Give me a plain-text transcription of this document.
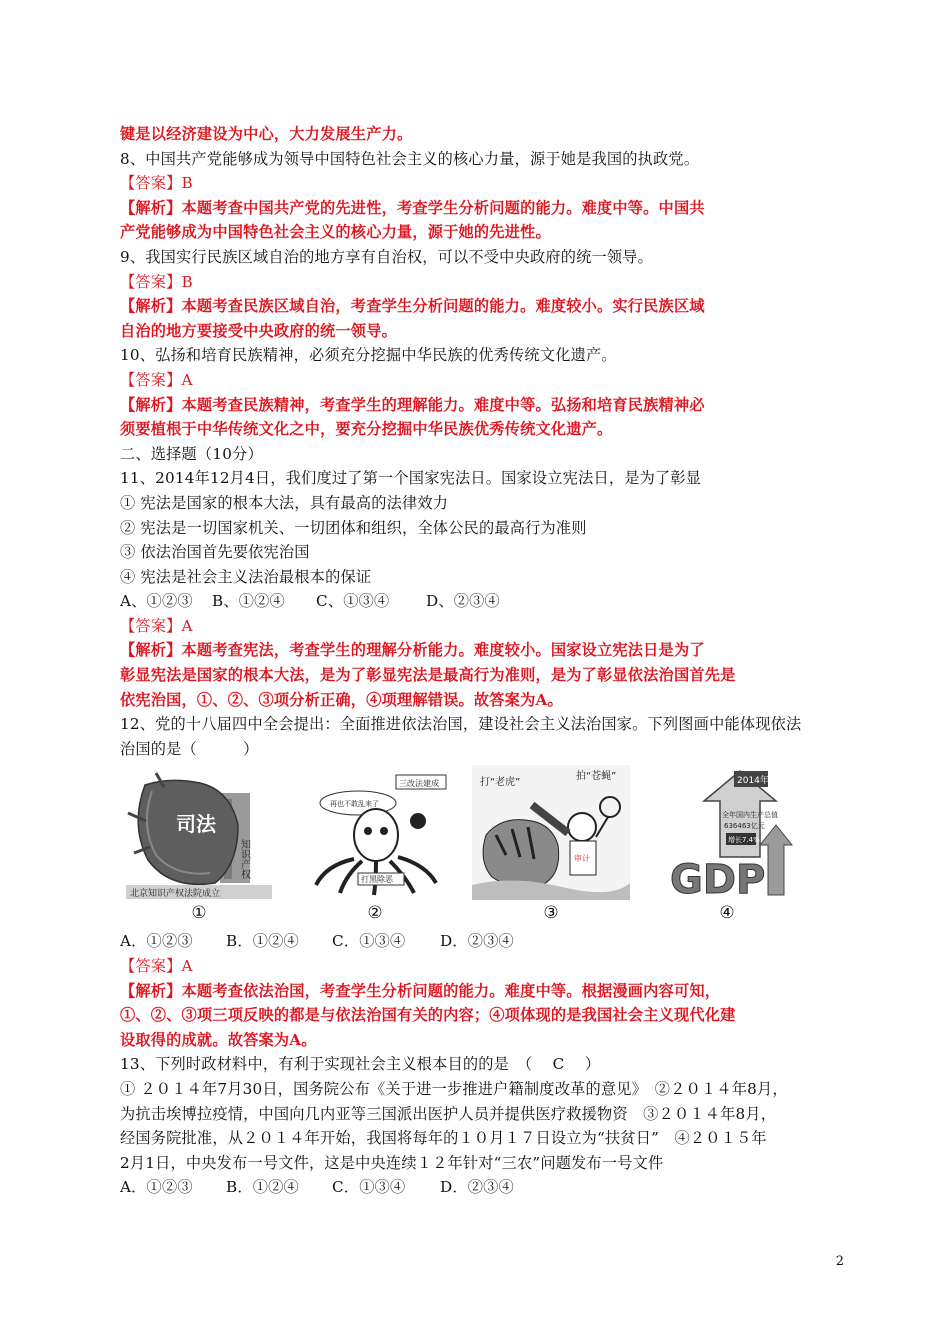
键是以经济建设为中心，大力发展生产力。
8、中国共产党能够成为领导中国特色社会主义的核心力量，源于她是我国的执政党。
【答案】B
【解析】本题考查中国共产党的先进性，考查学生分析问题的能力。难度中等。中国共
产党能够成为中国特色社会主义的核心力量，源于她的先进性。
9、我国实行民族区域自治的地方享有自治权，可以不受中央政府的统一领导。
【答案】B
【解析】本题考查民族区域自治，考查学生分析问题的能力。难度较小。实行民族区域
自治的地方要接受中央政府的统一领导。
10、弘扬和培育民族精神，必须充分挖掘中华民族的优秀传统文化遗产。
【答案】A
【解析】本题考查民族精神，考查学生的理解能力。难度中等。弘扬和培育民族精神必
须要植根于中华传统文化之中，要充分挖掘中华民族优秀传统文化遗产。
二、选择题（10分）
11、2014年12月4日，我们度过了第一个国家宪法日。国家设立宪法日，是为了彰显
① 宪法是国家的根本大法，具有最高的法律效力
② 宪法是一切国家机关、一切团体和组织，全体公民的最高行为准则
③ 依法治国首先要依宪治国
④ 宪法是社会主义法治最根本的保证
A、①②③ B、①②④ C、①③④ D、②③④
【答案】A
【解析】本题考查宪法，考查学生的理解分析能力。难度较小。国家设立宪法日是为了
彰显宪法是国家的根本大法，是为了彰显宪法是最高行为准则，是为了彰显依法治国首先是
依宪治国，①、②、③项分析正确，④项理解错误。故答案为A。
12、党的十八届四中全会提出：全面推进依法治国，建设社会主义法治国家。下列图画中能体现依法
治国的是（　　　）
司法
知识产权
北京知识产权法院成立
①
三改法建成
再也不敢乱来了
打黑除恶
②
打“老虎”
拍“苍蝇”
审计
③
2014年
全年国内生产总值
636463亿元
增长7.4%
GDP
④
A．①②③ B．①②④ C．①③④ D．②③④
【答案】A
【解析】本题考查依法治国，考查学生分析问题的能力。难度中等。根据漫画内容可知，
①、②、③项三项反映的都是与依法治国有关的内容；④项体现的是我国社会主义现代化建
设取得的成就。故答案为A。
13、下列时政材料中，有利于实现社会主义根本目的的是　（　 C　 ）
① ２０１４年7月30日，国务院公布《关于进一步推进户籍制度改革的意见》　②２０１４年8月，
为抗击埃博拉疫情，中国向几内亚等三国派出医护人员并提供医疗救援物资　③２０１４年8月，
经国务院批准，从２０１４年开始，我国将每年的１０月１７日设立为“扶贫日”　④２０１５年
2月1日，中央发布一号文件，这是中央连续１２年针对“三农”问题发布一号文件
A．①②③ B．①②④ C．①③④ D．②③④
2
